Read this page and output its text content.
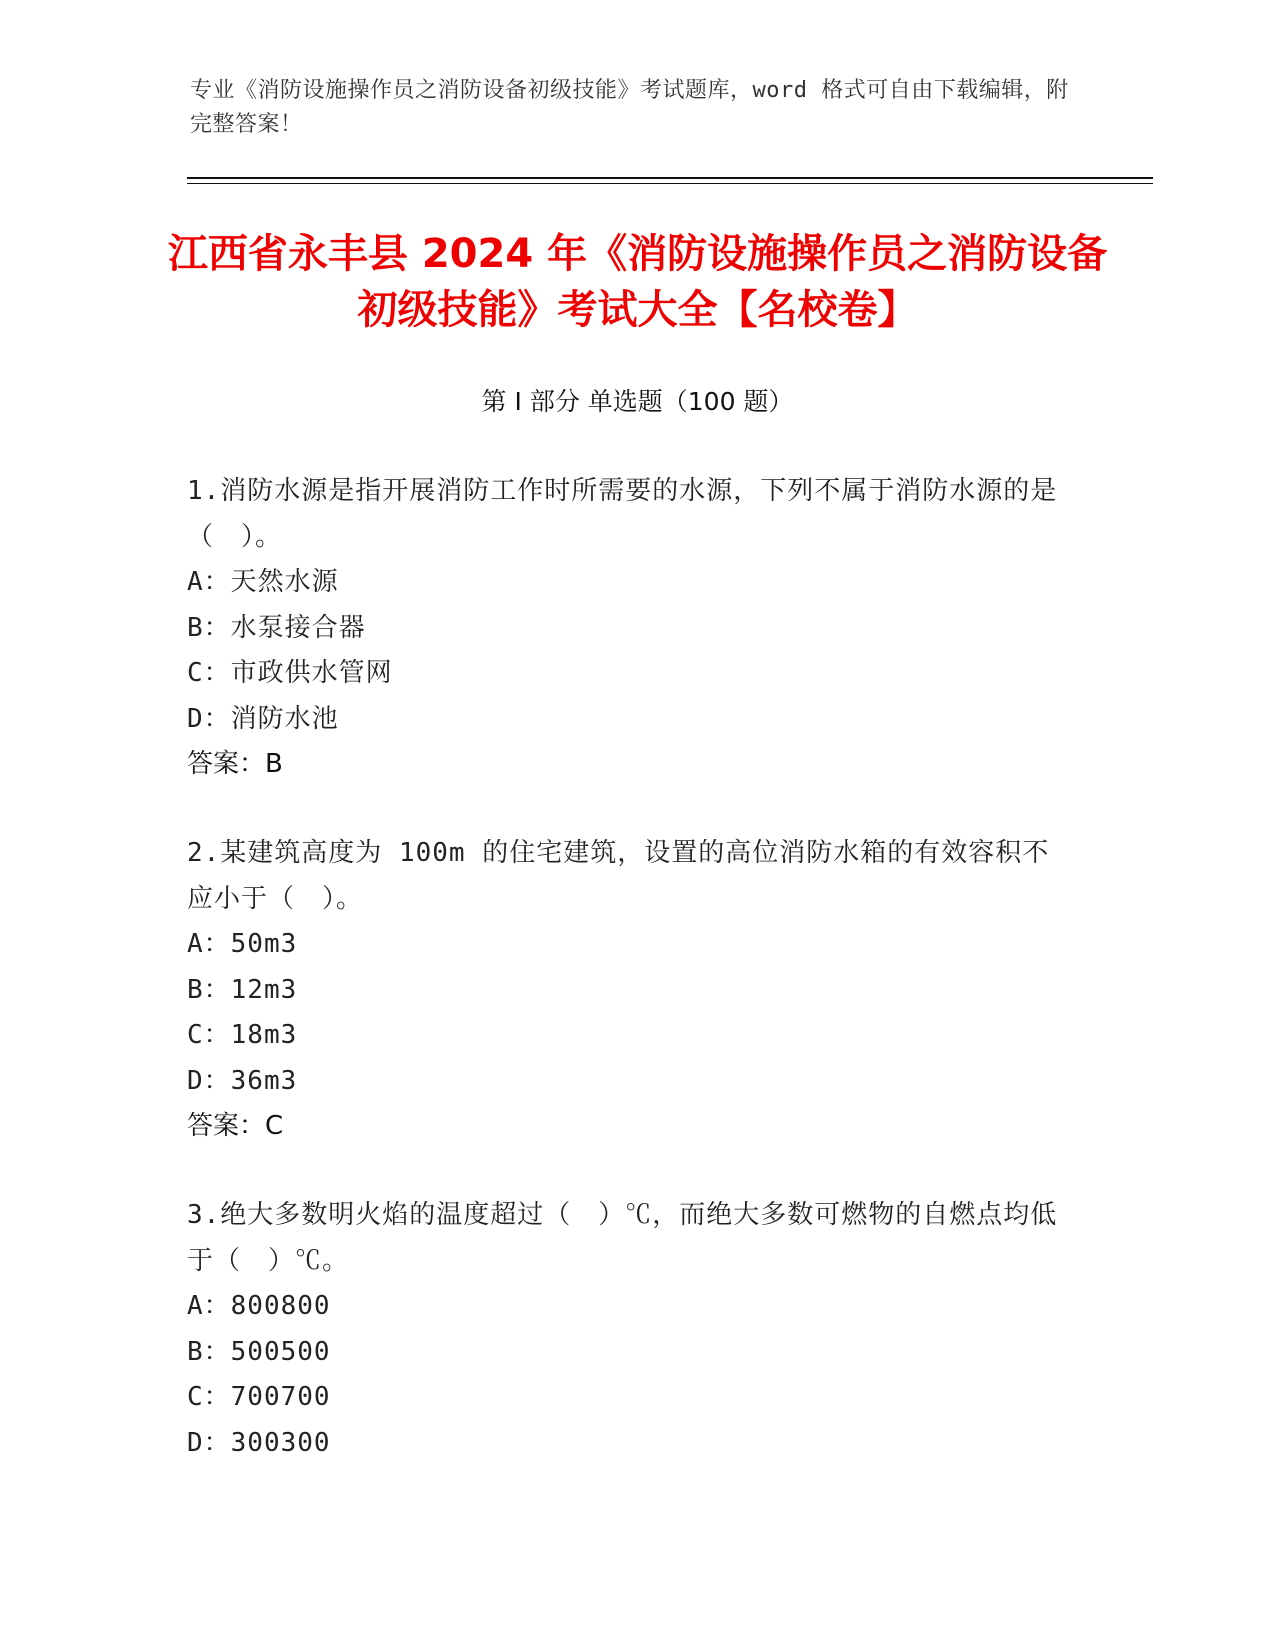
专业《消防设施操作员之消防设备初级技能》考试题库，word 格式可自由下载编辑，附完整答案！
江西省永丰县 2024 年《消防设施操作员之消防设备初级技能》考试大全【名校卷】
第 I 部分 单选题（100 题）

1.消防水源是指开展消防工作时所需要的水源，下列不属于消防水源的是（　）。

A：天然水源

B：水泵接合器

C：市政供水管网

D：消防水池

答案：B

2.某建筑高度为 100m 的住宅建筑，设置的高位消防水箱的有效容积不应小于（　）。

A：50m3

B：12m3

C：18m3

D：36m3

答案：C

3.绝大多数明火焰的温度超过（　）℃，而绝大多数可燃物的自燃点均低于（　）℃。

A：800800

B：500500

C：700700

D：300300
